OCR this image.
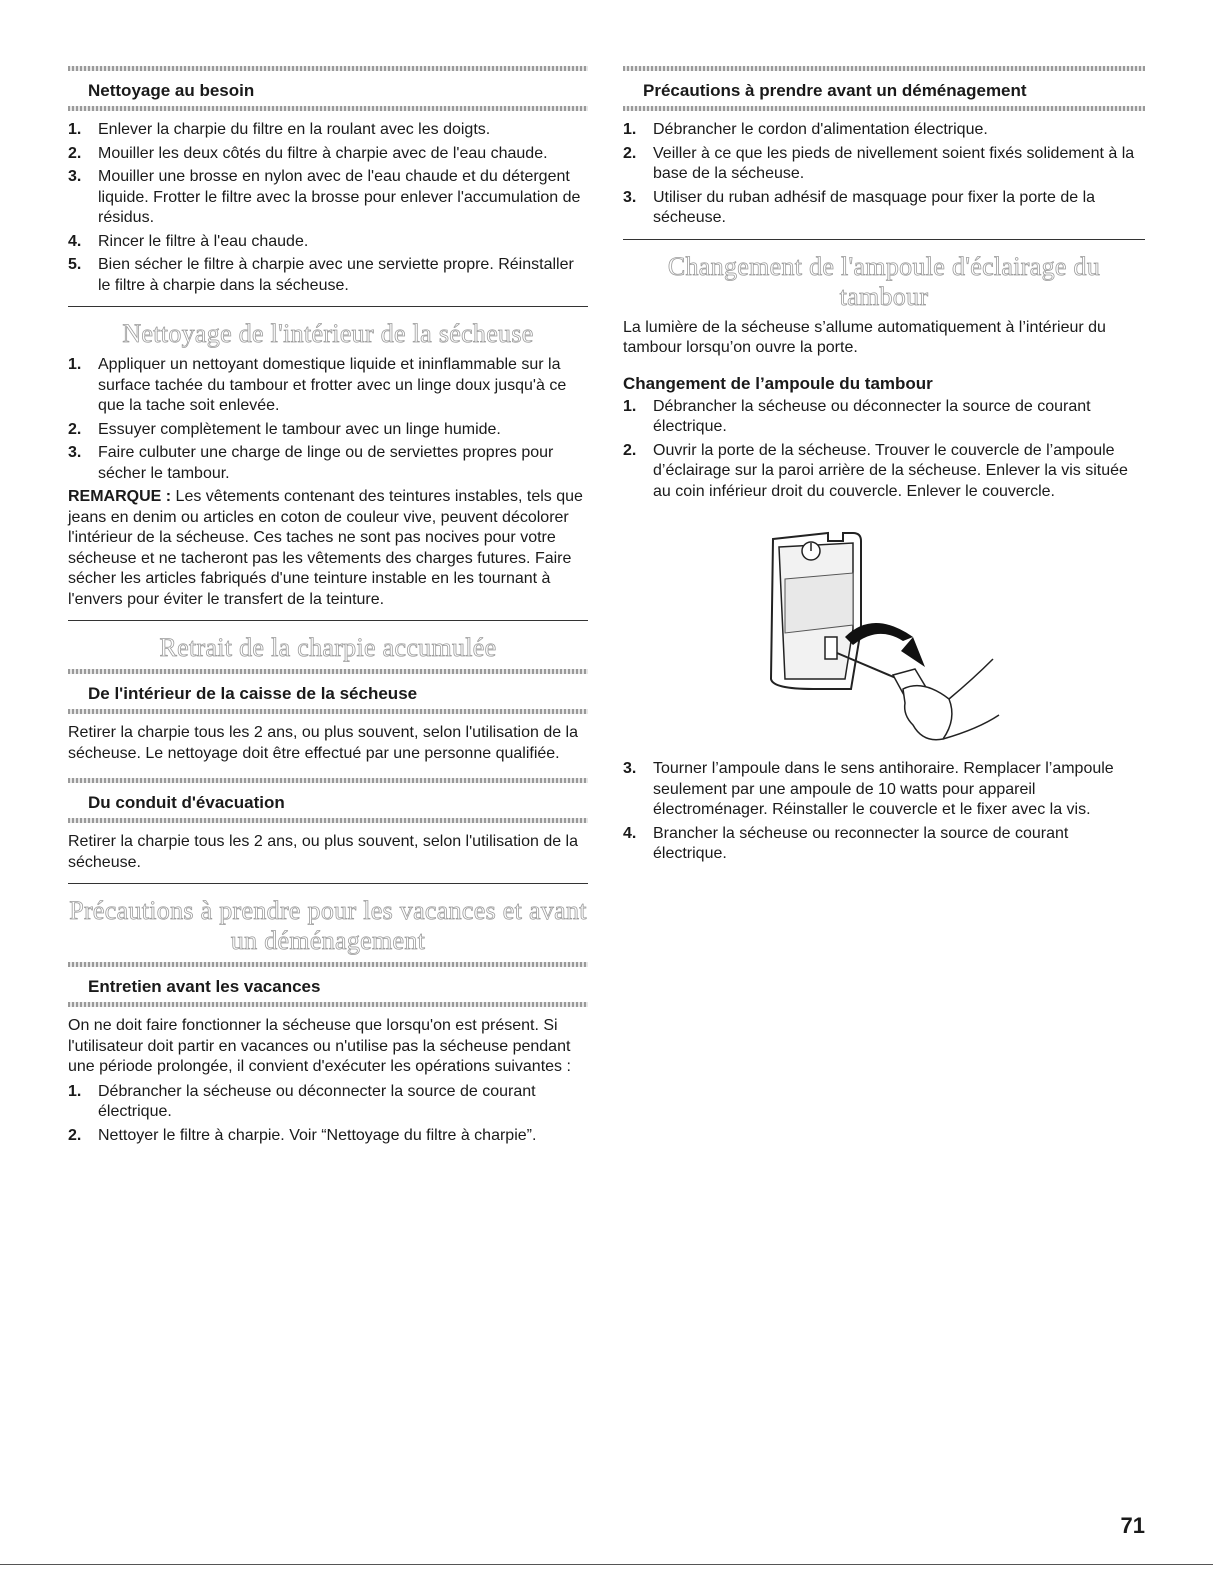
Nettoyage au besoin
1. Enlever la charpie du filtre en la roulant avec les doigts.
2. Mouiller les deux côtés du filtre à charpie avec de l'eau chaude.
3. Mouiller une brosse en nylon avec de l'eau chaude et du détergent liquide. Frotter le filtre avec la brosse pour enlever l'accumulation de résidus.
4. Rincer le filtre à l'eau chaude.
5. Bien sécher le filtre à charpie avec une serviette propre. Réinstaller le filtre à charpie dans la sécheuse.
Nettoyage de l'intérieur de la sécheuse
1. Appliquer un nettoyant domestique liquide et ininflammable sur la surface tachée du tambour et frotter avec un linge doux jusqu'à ce que la tache soit enlevée.
2. Essuyer complètement le tambour avec un linge humide.
3. Faire culbuter une charge de linge ou de serviettes propres pour sécher le tambour.

REMARQUE : Les vêtements contenant des teintures instables, tels que jeans en denim ou articles en coton de couleur vive, peuvent décolorer l'intérieur de la sécheuse. Ces taches ne sont pas nocives pour votre sécheuse et ne tacheront pas les vêtements des charges futures. Faire sécher les articles fabriqués d'une teinture instable en les tournant à l'envers pour éviter le transfert de la teinture.

Retrait de la charpie accumulée
De l'intérieur de la caisse de la sécheuse

Retirer la charpie tous les 2 ans, ou plus souvent, selon l'utilisation de la sécheuse. Le nettoyage doit être effectué par une personne qualifiée.

Du conduit d'évacuation

Retirer la charpie tous les 2 ans, ou plus souvent, selon l'utilisation de la sécheuse.

Précautions à prendre pour les vacances et avant un déménagement
Entretien avant les vacances

On ne doit faire fonctionner la sécheuse que lorsqu'on est présent. Si l'utilisateur doit partir en vacances ou n'utilise pas la sécheuse pendant une période prolongée, il convient d'exécuter les opérations suivantes :

1. Débrancher la sécheuse ou déconnecter la source de courant électrique.
2. Nettoyer le filtre à charpie. Voir “Nettoyage du filtre à charpie”.
Précautions à prendre avant un déménagement
1. Débrancher le cordon d'alimentation électrique.
2. Veiller à ce que les pieds de nivellement soient fixés solidement à la base de la sécheuse.
3. Utiliser du ruban adhésif de masquage pour fixer la porte de la sécheuse.
Changement de l'ampoule d'éclairage du tambour

La lumière de la sécheuse s’allume automatiquement à l’intérieur du tambour lorsqu’on ouvre la porte.

Changement de l’ampoule du tambour
1. Débrancher la sécheuse ou déconnecter la source de courant électrique.
2. Ouvrir la porte de la sécheuse. Trouver le couvercle de l’ampoule d’éclairage sur la paroi arrière de la sécheuse. Enlever la vis située au coin inférieur droit du couvercle. Enlever le couvercle.
3. Tourner l’ampoule dans le sens antihoraire. Remplacer l’ampoule seulement par une ampoule de 10 watts pour appareil électroménager. Réinstaller le couvercle et le fixer avec la vis.
4. Brancher la sécheuse ou reconnecter la source de courant électrique.
71
